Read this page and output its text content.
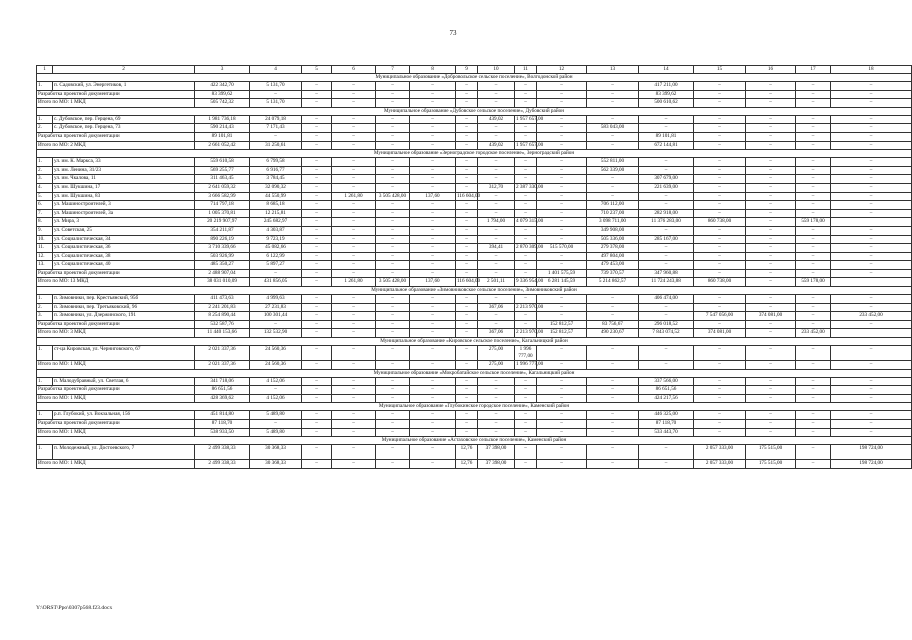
73
1	2	3	4	5	6	7	8	9	10	11	12	13	14	15	16	17	18
Муниципальное образование «Добровольское сельское поселение», Волгодонской район																	
1.	п. Садовский, ул. Энергетиков, 1	422 342,70	5 131,70	–	–	–	–	–	–	–	–	–	417 211,00	–	–	–	–
Разработка проектной документации		83 399,62	–	–	–	–	–	–	–	–	–	–	83 399,62	–	–	–	–
Итого по МО: 1 МКД		505 742,32	5 131,70	–	–	–	–	–	–	–	–	–	500 610,62	–	–	–	–
Муниципальное образование «Дубовское сельское поселение», Дубовский район																	
1.	с. Дубовское, пер. Герцена, 69	1 981 736,18	24 079,18	–	–	–	–	–	439,02	1 957 657,00	–	–	–	–	–	–	–
2.	с. Дубовское, пер. Герцена, 73	590 214,43	7 171,43	–	–	–	–	–	–	–	–	583 043,00	–	–	–	–	–
Разработка проектной документации		89 101,81	–	–	–	–	–	–	–	–	–	–	89 101,81	–	–	–	–
Итого по МО: 2 МКД		2 661 052,42	31 250,61	–	–	–	–	–	439,02	1 957 657,00	–	–	672 144,81	–	–	–	–
Муниципальное образование «Зерноградское городское поселение», Зерноградский район																	
1.	ул. им. К. Маркса, 33	559 610,58	6 799,58	–	–	–	–	–	–	–	–	552 811,00	–	–	–	–	–
2.	ул. им. Ленина, 31/23	569 255,77	6 916,77	–	–	–	–	–	–	–	–	562 339,00	–	–	–	–	–
3.	ул. им. Чкалова, 11	311 463,45	3 784,45	–	–	–	–	–	–	–	–	–	307 679,00	–	–	–	–
4.	ул. им. Шукшина, 17	2 641 059,32	32 090,32	–	–	–	–	–	312,70	2 387 330,00	–	–	221 639,00	–	–	–	–
5.	ул. им. Шукшина, 83	3 666 582,99	44 550,99	–	1 261,80	3 505 428,00	137,60	116 604,00	–	–	–	–	–	–	–	–	–
6.	ул. Машиностроителей, 3	714 797,18	8 685,18	–	–	–	–	–	–	–	–	706 112,00	–	–	–	–	–
7.	ул. Машиностроителей, 3а	1 005 370,81	12 215,81	–	–	–	–	–	–	–	–	710 237,00	282 918,00	–	–	–	–
8.	ул. Мира, 3	20 219 907,97	245 682,97	–	–	–	–	–	1 794,00	4 079 315,00	–	3 098 711,00	11 376 283,00	860 738,00	–	559 178,00	
9.	ул. Советская, 25	354 211,87	4 303,87	–	–	–	–	–	–	–	–	349 908,00	–	–	–	–	–
10.	ул. Социалистическая, 34	890 226,19	9 723,19	–	–	–	–	–	–	–	–	505 336,00	285 167,00	–	–	–	–
11.	ул. Социалистическая, 36	3 710 339,66	45 082,66	–	–	–	–	–	394,41	2 870 309,00	515 570,00	279 378,00	–	–	–	–	–
12.	ул. Социалистическая, 38	503 926,99	6 122,99	–	–	–	–	–	–	–	–	497 804,00	–	–	–	–	–
13.	ул. Социалистическая, 40	485 350,27	5 897,27	–	–	–	–	–	–	–	–	479 453,00	–	–	–	–	–
Разработка проектной документации		2 488 907,04	–	–	–	–	–	–	–	–	1 401 575,59	739 370,57	347 960,88	–	–	–	–
Итого по МО: 13 МКД		38 031 010,09	431 856,05	–	1 261,80	3 505 428,00	137,60	116 604,00	2 501,11	9 336 954,00	6 281 145,59	5 214 862,57	11 724 243,88	860 738,00	–	559 178,00	
Муниципальное образование «Зимовниковское сельское поселение», Зимовниковский район																	
1.	п. Зимовники, пер. Крестьянский, 95б	411 473,63	4 999,63	–	–	–	–	–	–	–	–	–	406 474,00	–	–	–	–
2.	п. Зимовники, пер. Третьяковский, 96	2 241 201,83	27 231,83	–	–	–	–	–	367,06	2 213 970,00	–	–	–	–	–	–	–
3.	п. Зимовники, ул. Дзержинского, 191	8 254 890,44	100 301,44	–	–	–	–	–	–	–	–	–	–	7 547 056,00	374 081,00	–	233 452,00
Разработка проектной документации		532 587,76	–	–	–	–	–	–	–	–	152 812,57	83 756,67	296 018,52	–	–	–	–
Итого по МО: 3 МКД		11 440 153,66	132 532,90	–	–	–	–	–	367,06	2 213 970,00	152 812,57	490 230,67	7 843 074,52	374 081,00	–	233 452,00	
Муниципальное образование «Кировское сельское поселение», Кагальницкий район																	
1.	ст-ца Кировская, ул. Черниговского, 67	2 021 337,36	24 560,36	–	–	–	–	–	275,00	1 996 777,00	–	–	–	–	–	–	–
Итого по МО: 1 МКД		2 021 337,36	24 560,36	–	–	–	–	–	275,00	1 996 777,00	–	–	–	–	–	–	–
Муниципальное образование «Мокробатайское сельское поселение», Кагальницкий район																	
1.	п. Малодубравный, ул. Светлая, 6	341 718,06	4 152,06	–	–	–	–	–	–	–	–	–	337 566,00	–	–	–	–
Разработка проектной документации		86 651,56	–	–	–	–	–	–	–	–	–	–	86 651,56	–	–	–	–
Итого по МО: 1 МКД		428 369,62	4 152,06	–	–	–	–	–	–	–	–	–	424 217,56	–	–	–	–
Муниципальное образование «Глубокинское городское поселение», Каменский район																	
1.	р.п. Глубокий, ул. Вокзальная, 156	451 814,80	5 489,80	–	–	–	–	–	–	–	–	–	446 325,00	–	–	–	–
Разработка проектной документации		87 118,70	–	–	–	–	–	–	–	–	–	–	87 118,70	–	–	–	–
Итого по МО: 1 МКД		538 933,50	5 489,80	–	–	–	–	–	–	–	–	–	533 443,70	–	–	–	–
Муниципальное образование «Астаховское сельское поселение», Каменский район																	
1.	п. Молодежный, ул. Достоевского, 7	2 499 338,33	30 368,33	–	–	–	–	12,76	37 398,00	–	–	–	–	2 057 333,00	175 515,00	–	198 724,00
Итого по МО: 1 МКД		2 499 338,33	30 368,33	–	–	–	–	12,76	37 398,00	–	–	–	–	2 057 333,00	175 515,00	–	198 724,00
Y:\ORST\Ppo\0307p568.f23.docx
